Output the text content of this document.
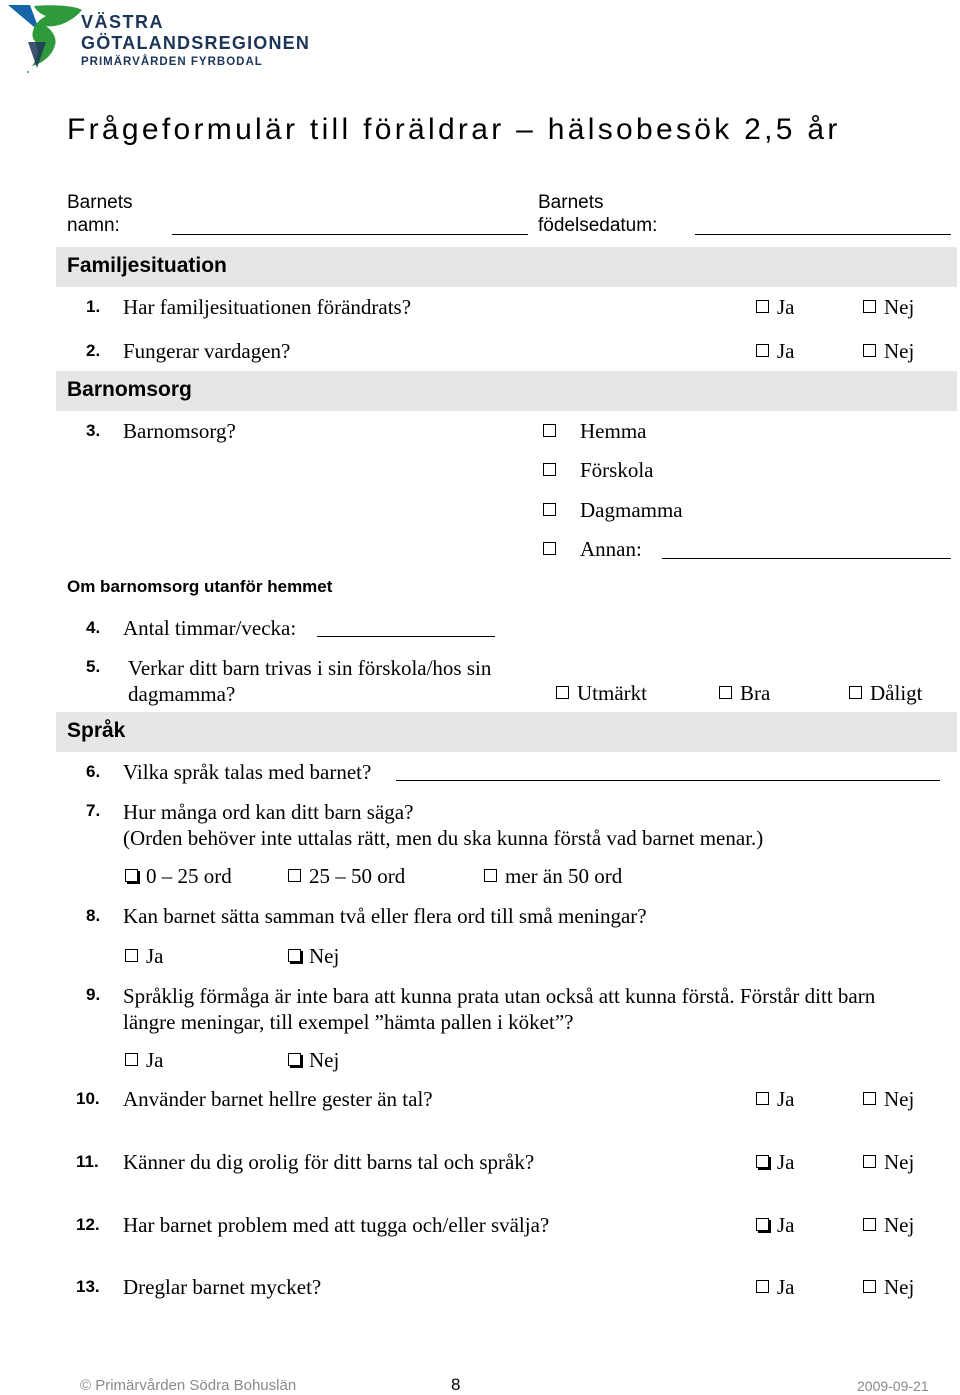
VÄSTRA
GÖTALANDSREGIONEN
PRIMÄRVÅRDEN FYRBODAL
Frågeformulär till föräldrar – hälsobesök 2,5 år
Barnets
namn:
Barnets
födelsedatum:
Familjesituation
1. Har familjesituationen förändrats?	Ja	Nej
2. Fungerar vardagen?	Ja	Nej
Barnomsorg
3. Barnomsorg?	Hemma
Förskola
Dagmamma
Annan:
Om barnomsorg utanför hemmet
4. Antal timmar/vecka:
5. Verkar ditt barn trivas i sin förskola/hos sin
dagmamma?	Utmärkt	Bra	Dåligt
Språk
6. Vilka språk talas med barnet?
7. Hur många ord kan ditt barn säga?
(Orden behöver inte uttalas rätt, men du ska kunna förstå vad barnet menar.)
0 – 25 ord	25 – 50 ord	mer än 50 ord
8. Kan barnet sätta samman två eller flera ord till små meningar?
Ja	Nej
9. Språklig förmåga är inte bara att kunna prata utan också att kunna förstå. Förstår ditt barn
längre meningar, till exempel ”hämta pallen i köket”?
Ja	Nej
10. Använder barnet hellre gester än tal?	Ja	Nej
11. Känner du dig orolig för ditt barns tal och språk?	Ja	Nej
12. Har barnet problem med att tugga och/eller svälja?	Ja	Nej
13. Dreglar barnet mycket?	Ja	Nej
© Primärvården Södra Bohuslän	8	2009-09-21
